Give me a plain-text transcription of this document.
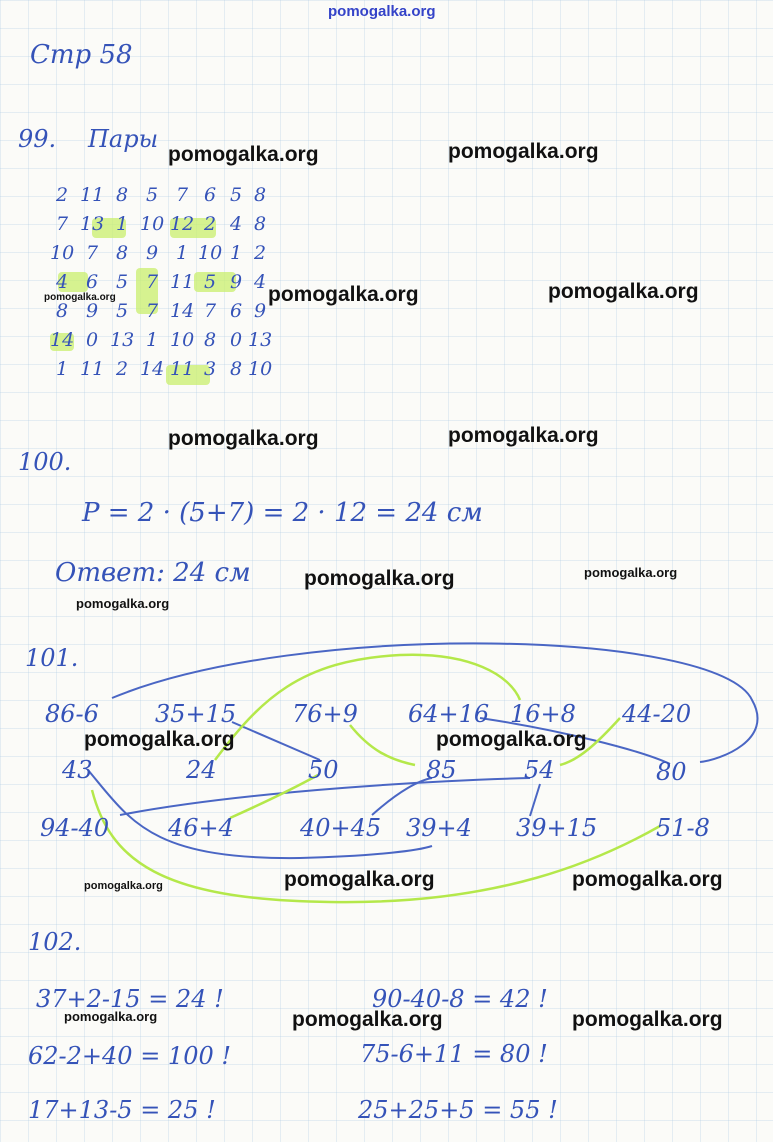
pomogalka.org
Стр 58
99. Пары
2 11 8 5 7 6 5 8
7 13 1 10 12 2 4 8
10 7 8 9 1 10 1 2
4 6 5 7 11 5 9 4
8 9 5 7 14 7 6 9
14 0 13 1 10 8 0 13
1 11 2 14 11 3 8 10
100.
P = 2 · (5+7) = 2 · 12 = 24 см
Ответ: 24 см
101.
86-6 35+15 76+9 64+16 16+8 44-20
43	24	50	85	54	80
94-40 46+4	40+45 39+4 39+15 51-8
102.
37+2-15 = 24 !
62-2+40 = 100 !
17+13-5 = 25 !
90-40-8 = 42 !
75-6+11 = 80 !
25+25+5 = 55 !
pomogalka.org	pomogalka.org
pomogalka.org	pomogalka.org
pomogalka.org
pomogalka.org	pomogalka.org
pomogalka.org	pomogalka.org
pomogalka.org
pomogalka.org	pomogalka.org
pomogalka.org	pomogalka.org
pomogalka.org
pomogalka.org	pomogalka.org	pomogalka.org
